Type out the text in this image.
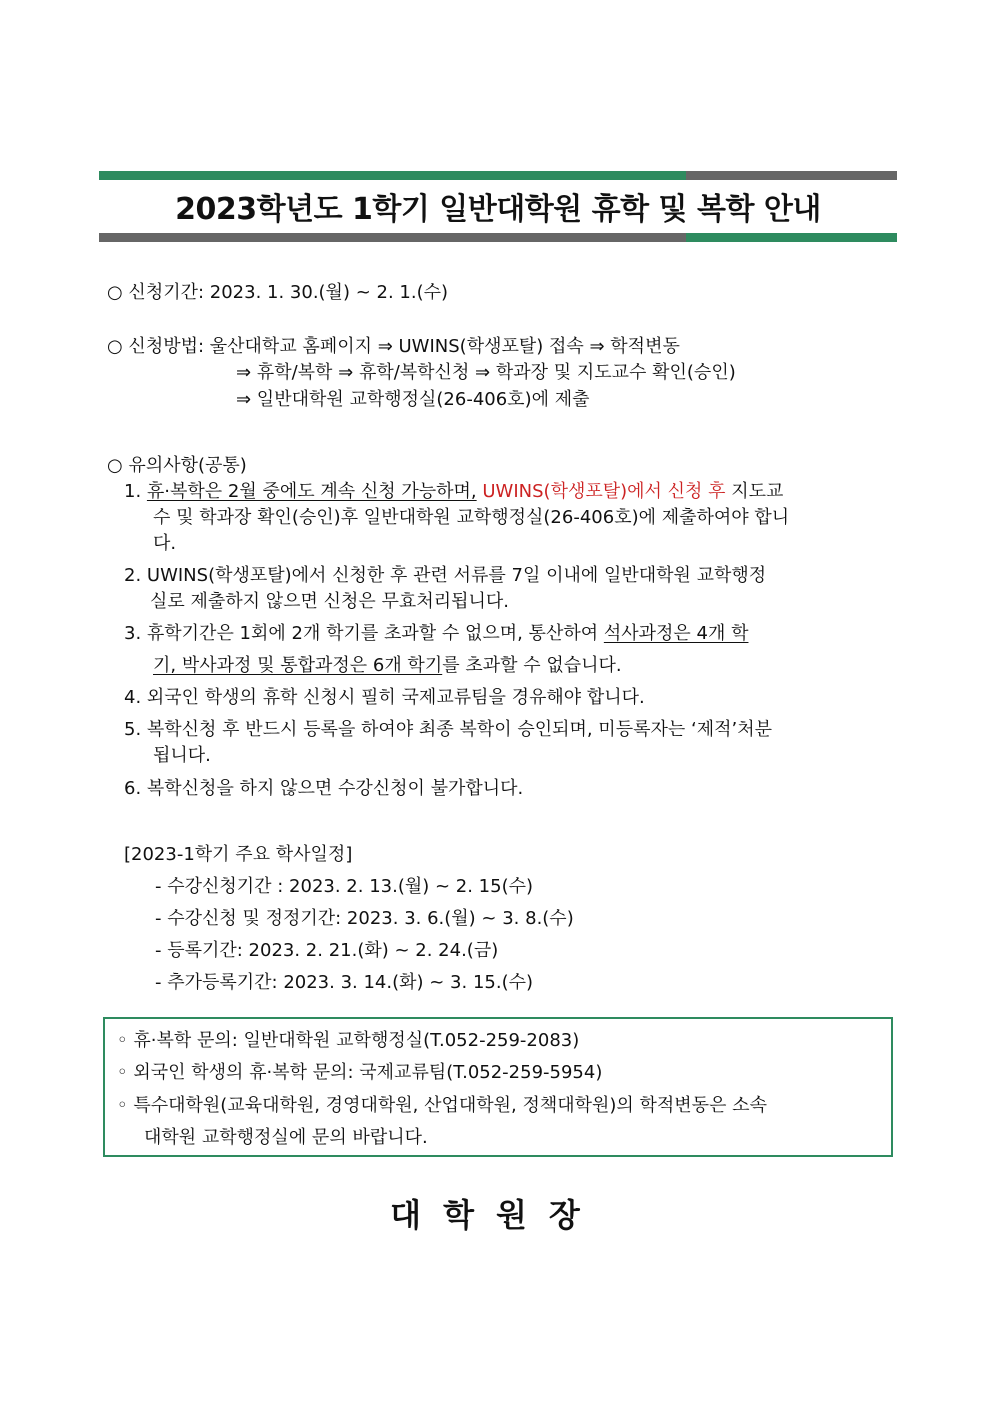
2023학년도 1학기 일반대학원 휴학 및 복학 안내
○ 신청기간: 2023. 1. 30.(월) ~ 2. 1.(수)
○ 신청방법: 울산대학교 홈페이지 ⇒ UWINS(학생포탈) 접속 ⇒ 학적변동
⇒ 휴학/복학 ⇒ 휴학/복학신청 ⇒ 학과장 및 지도교수 확인(승인)
⇒ 일반대학원 교학행정실(26-406호)에 제출
○ 유의사항(공통)
1. 휴·복학은 2월 중에도 계속 신청 가능하며, UWINS(학생포탈)에서 신청 후 지도교
수 및 학과장 확인(승인)후 일반대학원 교학행정실(26-406호)에 제출하여야 합니
다.
2. UWINS(학생포탈)에서 신청한 후 관련 서류를 7일 이내에 일반대학원 교학행정
실로 제출하지 않으면 신청은 무효처리됩니다.
3. 휴학기간은 1회에 2개 학기를 초과할 수 없으며, 통산하여 석사과정은 4개 학
기, 박사과정 및 통합과정은 6개 학기를 초과할 수 없습니다.
4. 외국인 학생의 휴학 신청시 필히 국제교류팀을 경유해야 합니다.
5. 복학신청 후 반드시 등록을 하여야 최종 복학이 승인되며, 미등록자는 ‘제적’처분
됩니다.
6. 복학신청을 하지 않으면 수강신청이 불가합니다.
[2023-1학기 주요 학사일정]
- 수강신청기간 : 2023. 2. 13.(월) ~ 2. 15(수)
- 수강신청 및 정정기간: 2023. 3. 6.(월) ~ 3. 8.(수)
- 등록기간: 2023. 2. 21.(화) ~ 2. 24.(금)
- 추가등록기간: 2023. 3. 14.(화) ~ 3. 15.(수)
◦ 휴·복학 문의: 일반대학원 교학행정실(T.052-259-2083)
◦ 외국인 학생의 휴·복학 문의: 국제교류팀(T.052-259-5954)
◦ 특수대학원(교육대학원, 경영대학원, 산업대학원, 정책대학원)의 학적변동은 소속
대학원 교학행정실에 문의 바랍니다.
대학원장
